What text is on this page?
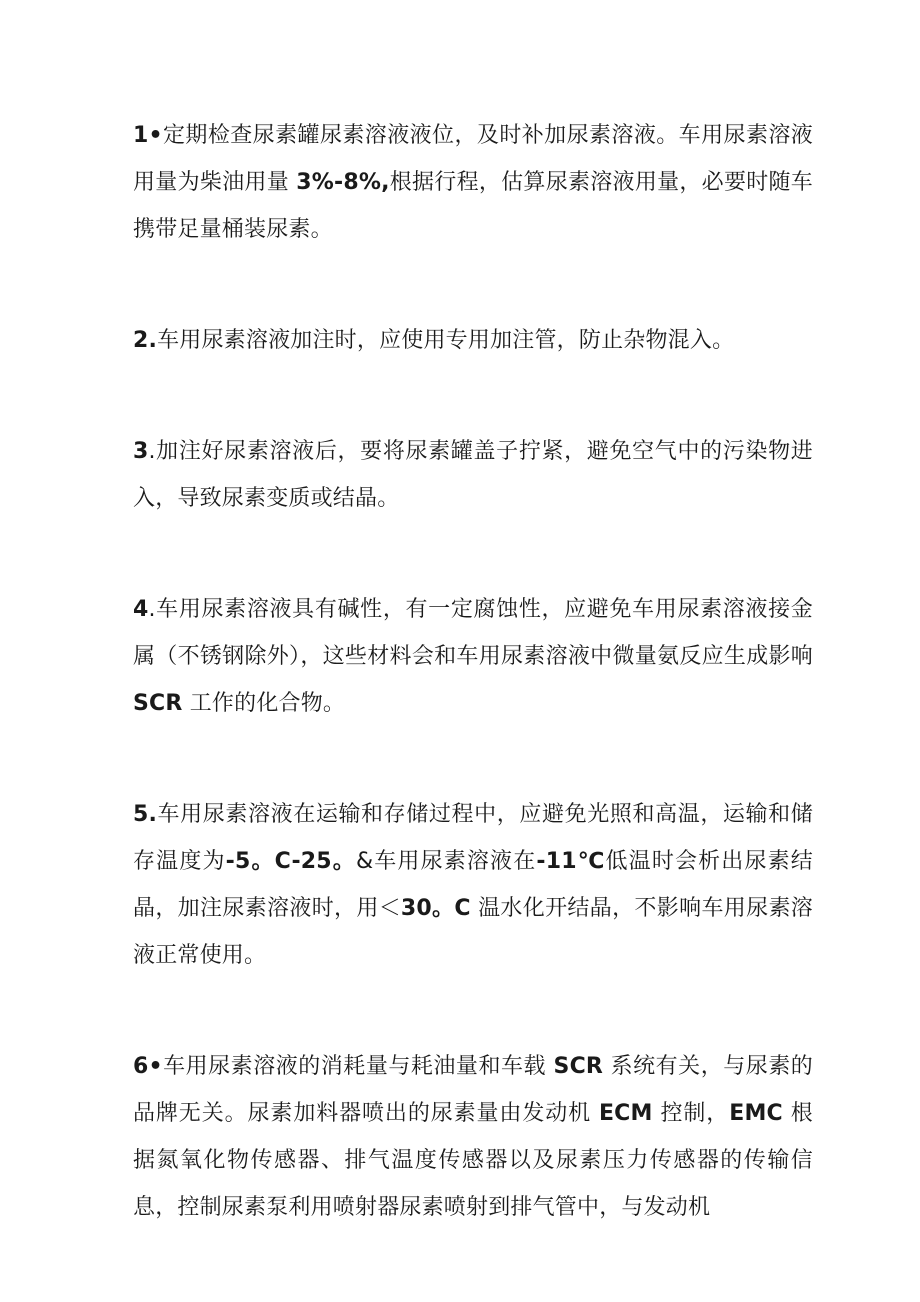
1•定期检查尿素罐尿素溶液液位，及时补加尿素溶液。车用尿素溶液用量为柴油用量 3%-8%,根据行程，估算尿素溶液用量，必要时随车携带足量桶装尿素。

2.车用尿素溶液加注时，应使用专用加注管，防止杂物混入。

3.加注好尿素溶液后，要将尿素罐盖子拧紧，避免空气中的污染物进入，导致尿素变质或结晶。

4.车用尿素溶液具有碱性，有一定腐蚀性，应避免车用尿素溶液接金属（不锈钢除外），这些材料会和车用尿素溶液中微量氨反应生成影响 SCR 工作的化合物。

5.车用尿素溶液在运输和存储过程中，应避免光照和高温，运输和储存温度为-5。C-25。&车用尿素溶液在-11℃低温时会析出尿素结晶，加注尿素溶液时，用＜30。C 温水化开结晶，不影响车用尿素溶液正常使用。

6•车用尿素溶液的消耗量与耗油量和车载 SCR 系统有关，与尿素的品牌无关。尿素加料器喷出的尿素量由发动机 ECM 控制，EMC 根据氮氧化物传感器、排气温度传感器以及尿素压力传感器的传输信息，控制尿素泵利用喷射器尿素喷射到排气管中，与发动机
